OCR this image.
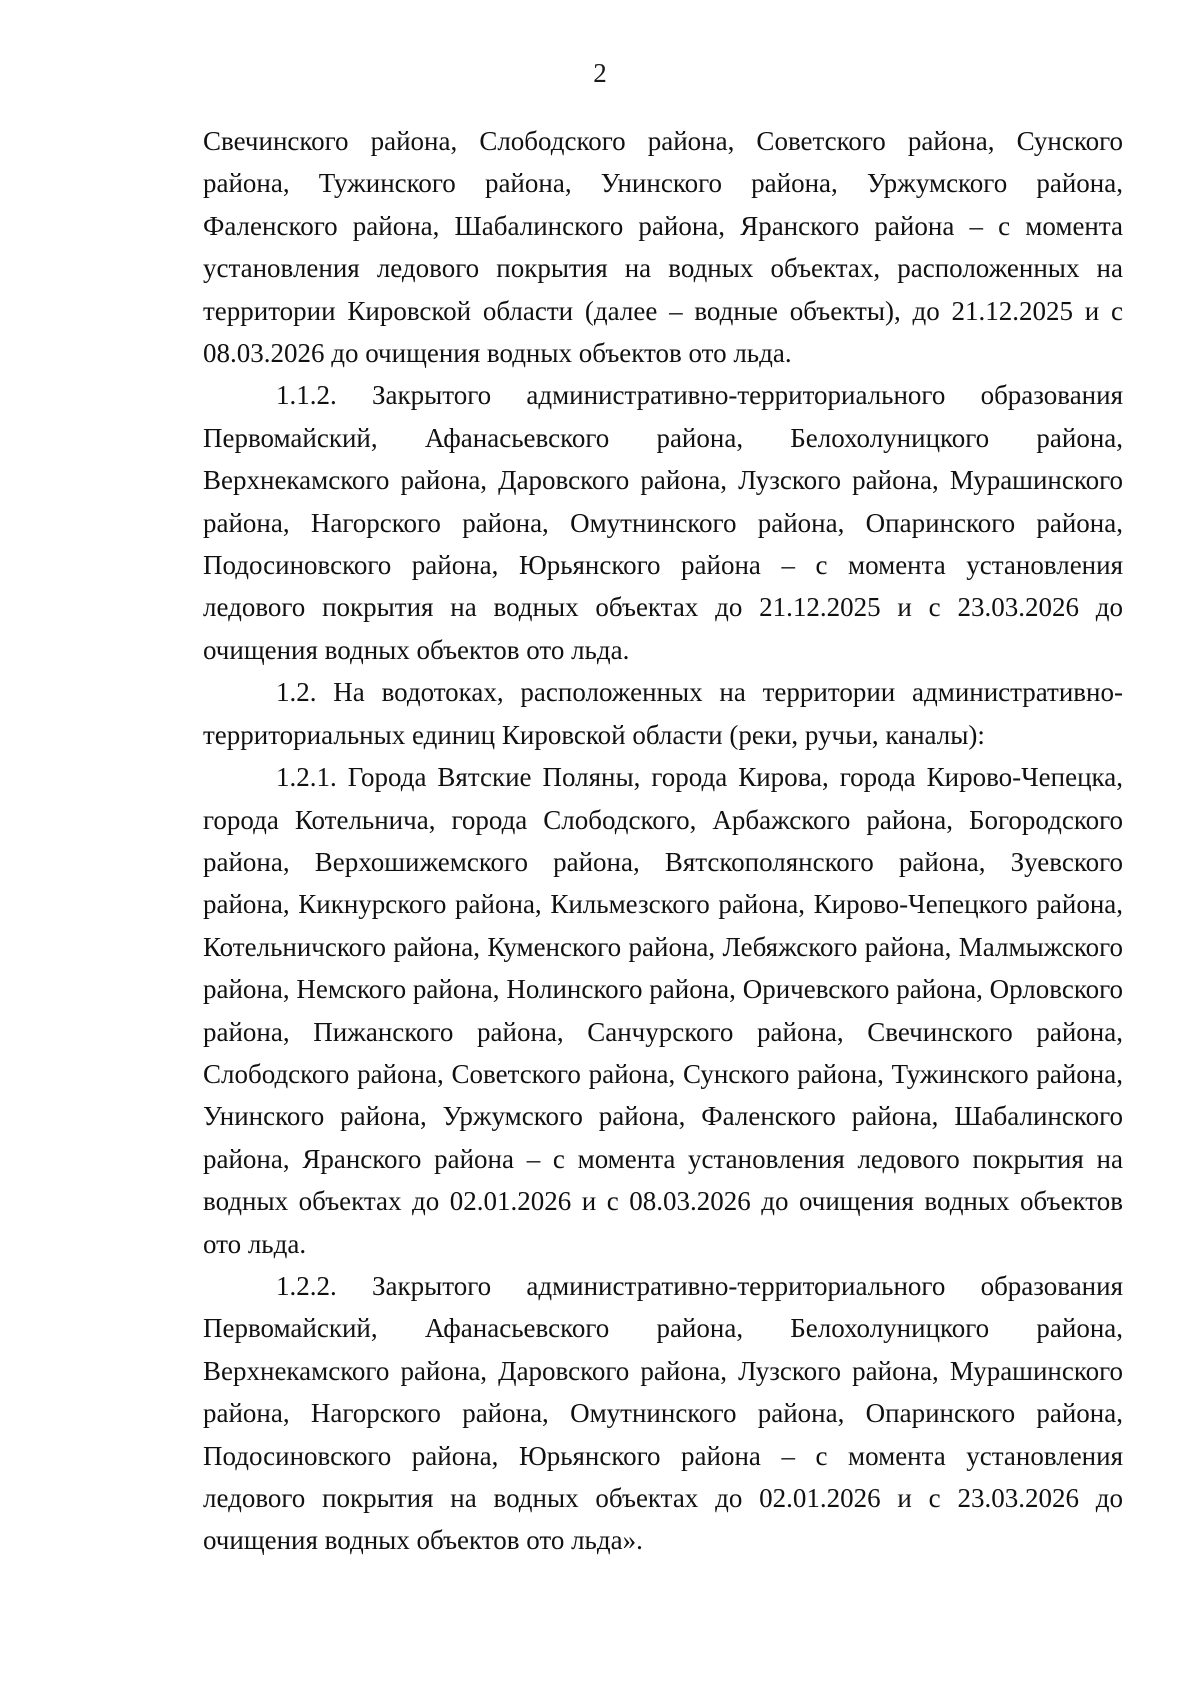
2

Свечинского района, Слободского района, Советского района, Сунского района, Тужинского района, Унинского района, Уржумского района, Фаленского района, Шабалинского района, Яранского района – с момента установления ледового покрытия на водных объектах, расположенных на территории Кировской области (далее – водные объекты), до 21.12.2025 и с 08.03.2026 до очищения водных объектов ото льда.

1.1.2. Закрытого административно-территориального образования Первомайский, Афанасьевского района, Белохолуницкого района, Верхнекамского района, Даровского района, Лузского района, Мурашинского района, Нагорского района, Омутнинского района, Опаринского района, Подосиновского района, Юрьянского района – с момента установления ледового покрытия на водных объектах до 21.12.2025 и с 23.03.2026 до очищения водных объектов ото льда.

1.2. На водотоках, расположенных на территории административно-территориальных единиц Кировской области (реки, ручьи, каналы):

1.2.1. Города Вятские Поляны, города Кирова, города Кирово-Чепецка, города Котельнича, города Слободского, Арбажского района, Богородского района, Верхошижемского района, Вятскополянского района, Зуевского района, Кикнурского района, Кильмезского района, Кирово-Чепецкого района, Котельничского района, Куменского района, Лебяжского района, Малмыжского района, Немского района, Нолинского района, Оричевского района, Орловского района, Пижанского района, Санчурского района, Свечинского района, Слободского района, Советского района, Сунского района, Тужинского района, Унинского района, Уржумского района, Фаленского района, Шабалинского района, Яранского района – с момента установления ледового покрытия на водных объектах до 02.01.2026 и с 08.03.2026 до очищения водных объектов ото льда.

1.2.2. Закрытого административно-территориального образования Первомайский, Афанасьевского района, Белохолуницкого района, Верхнекамского района, Даровского района, Лузского района, Мурашинского района, Нагорского района, Омутнинского района, Опаринского района, Подосиновского района, Юрьянского района – с момента установления ледового покрытия на водных объектах до 02.01.2026 и с 23.03.2026 до очищения водных объектов ото льда».
